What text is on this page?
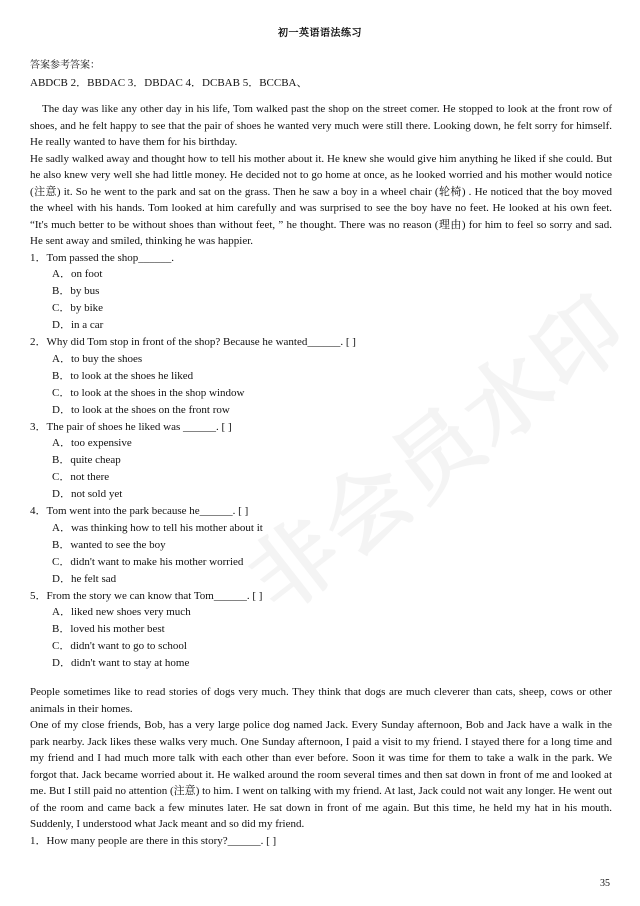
初一英语语法练习
答案参考答案：
ABDCB 2．BBDAC 3．DBDAC 4．DCBAB 5．BCCBA、

The day was like any other day in his life, Tom walked past the shop on the street comer. He stopped to look at the front row of shoes, and he felt happy to see that the pair of shoes he wanted very much were still there. Looking down, he felt sorry for himself. He really wanted to have them for his birthday.

He sadly walked away and thought how to tell his mother about it. He knew she would give him anything he liked if she could. But he also knew very well she had little money. He decided not to go home at once, as he looked worried and his mother would notice (注意) it. So he went to the park and sat on the grass. Then he saw a boy in a wheel chair (轮椅) . He noticed that the boy moved the wheel with his hands. Tom looked at him carefully and was surprised to see the boy have no feet. He looked at his own feet. “It's much better to be without shoes than without feet, ” he thought. There was no reason (理由) for him to feel so sorry and sad. He sent away and smiled, thinking he was happier.

1．Tom passed the shop______.

A．on foot
B．by bus
C．by bike
D．in a car

2．Why did Tom stop in front of the shop? Because he wanted______. [ ]

A．to buy the shoes
B．to look at the shoes he liked
C．to look at the shoes in the shop window
D．to look at the shoes on the front row

3．The pair of shoes he liked was ______. [ ]

A．too expensive
B．quite cheap
C．not there
D．not sold yet

4．Tom went into the park because he______. [ ]

A．was thinking how to tell his mother about it
B．wanted to see the boy
C．didn't want to make his mother worried
D．he felt sad

5．From the story we can know that Tom______. [ ]

A．liked new shoes very much
B．loved his mother best
C．didn't want to go to school
D．didn't want to stay at home

People sometimes like to read stories of dogs very much. They think that dogs are much cleverer than cats, sheep, cows or other animals in their homes.

One of my close friends, Bob, has a very large police dog named Jack. Every Sunday afternoon, Bob and Jack have a walk in the park nearby. Jack likes these walks very much. One Sunday afternoon, I paid a visit to my friend. I stayed there for a long time and my friend and I had much more talk with each other than ever before. Soon it was time for them to take a walk in the park. We forgot that. Jack became worried about it. He walked around the room several times and then sat down in front of me and looked at me. But I still paid no attention (注意) to him. I went on talking with my friend. At last, Jack could not wait any longer. He went out of the room and came back a few minutes later. He sat down in front of me again. But this time, he held my hat in his mouth. Suddenly, I understood what Jack meant and so did my friend.

1．How many people are there in this story?______. [ ]

35
